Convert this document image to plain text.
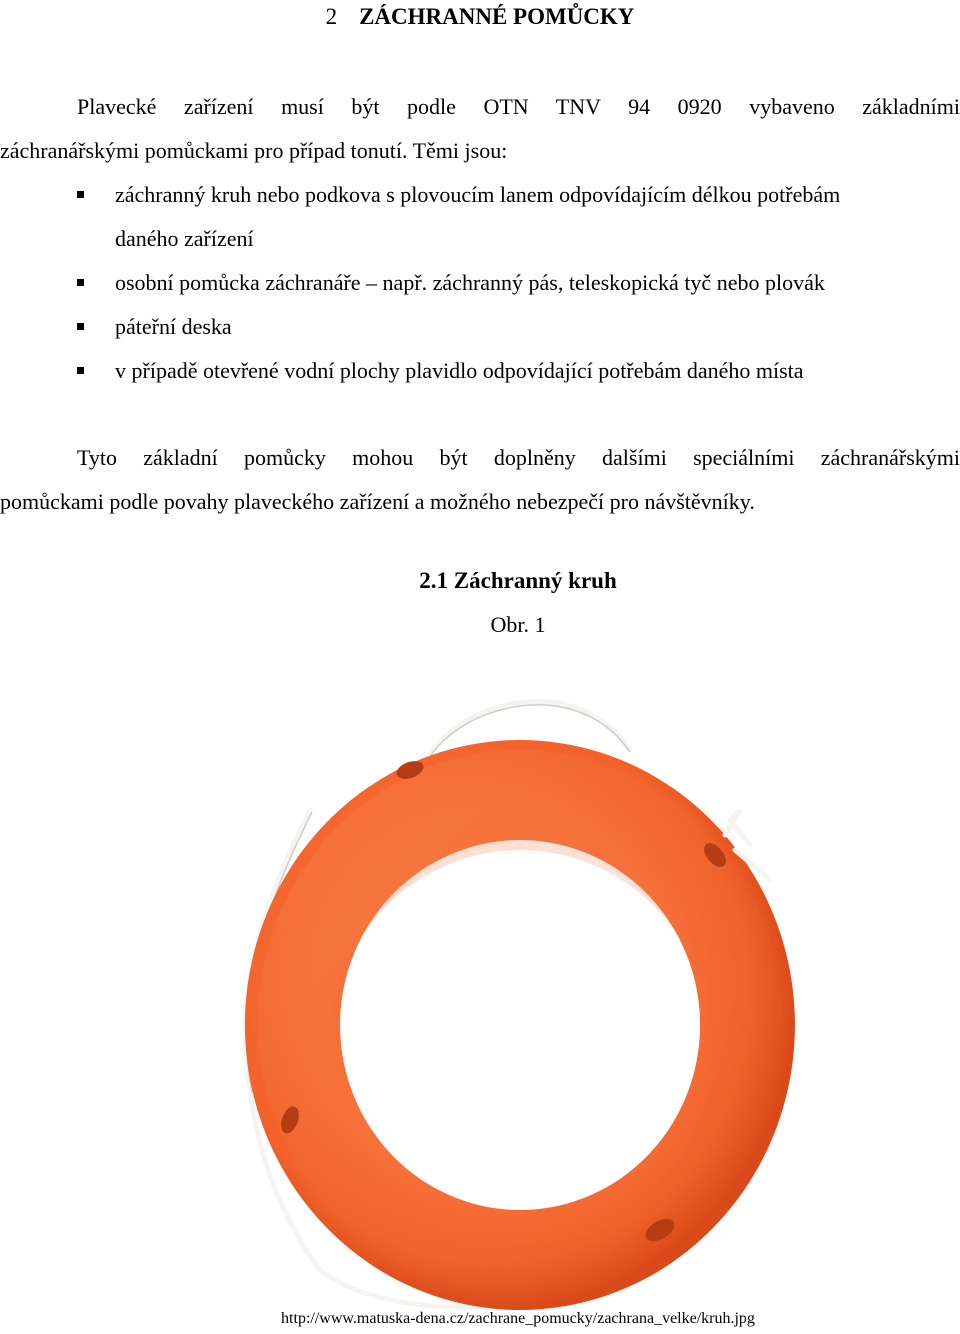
2 ZÁCHRANNÉ POMŮCKY
Plavecké zařízení musí být podle OTN TNV 94 0920 vybaveno základními
záchranářskými pomůckami pro případ tonutí. Těmi jsou:
záchranný kruh nebo podkova s plovoucím lanem odpovídajícím délkou potřebám
daného zařízení
osobní pomůcka záchranáře – např. záchranný pás, teleskopická tyč nebo plovák
páteřní deska
v případě otevřené vodní plochy plavidlo odpovídající potřebám daného místa
Tyto základní pomůcky mohou být doplněny dalšími speciálními záchranářskými
pomůckami podle povahy plaveckého zařízení a možného nebezpečí pro návštěvníky.
2.1 Záchranný kruh
Obr. 1
http://www.matuska-dena.cz/zachrane_pomucky/zachrana_velke/kruh.jpg
